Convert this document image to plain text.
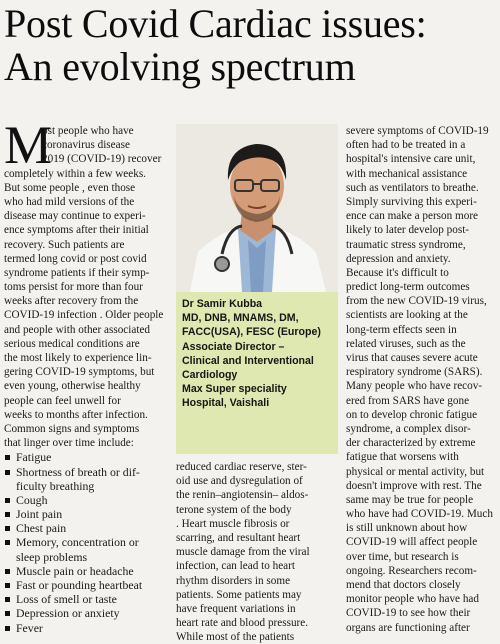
Post Covid Cardiac issues:
An evolving spectrum
M
ost people who have
coronavirus disease
2019 (COVID-19) recover
completely within a few weeks.
But some people , even those
who had mild versions of the
disease may continue to experi-
ence symptoms after their initial
recovery. Such patients are
termed long covid or post covid
syndrome patients if their symp-
toms persist for more than four
weeks after recovery from the
COVID-19 infection . Older people
and people with other associated
serious medical conditions are
the most likely to experience lin-
gering COVID-19 symptoms, but
even young, otherwise healthy
people can feel unwell for
weeks to months after infection.
Common signs and symptoms
that linger over time include:
Fatigue
Shortness of breath or dif-
ficulty breathing
Cough
Joint pain
Chest pain
Memory, concentration or
sleep problems
Muscle pain or headache
Fast or pounding heartbeat
Loss of smell or taste
Depression or anxiety
Fever
Dr Samir Kubba
MD, DNB, MNAMS, DM,
FACC(USA), FESC (Europe)
Associate Director –
Clinical and Interventional
Cardiology
Max Super speciality
Hospital, Vaishali
reduced cardiac reserve, ster-
oid use and dysregulation of
the renin–angiotensin– aldos-
terone system of the body
. Heart muscle fibrosis or
scarring, and resultant heart
muscle damage from the viral
infection, can lead to heart
rhythm disorders in some
patients. Some patients may
have frequent variations in
heart rate and blood pressure.
While most of the patients
severe symptoms of COVID-19
often had to be treated in a
hospital's intensive care unit,
with mechanical assistance
such as ventilators to breathe.
Simply surviving this experi-
ence can make a person more
likely to later develop post-
traumatic stress syndrome,
depression and anxiety.
Because it's difficult to
predict long-term outcomes
from the new COVID-19 virus,
scientists are looking at the
long-term effects seen in
related viruses, such as the
virus that causes severe acute
respiratory syndrome (SARS).
Many people who have recov-
ered from SARS have gone
on to develop chronic fatigue
syndrome, a complex disor-
der characterized by extreme
fatigue that worsens with
physical or mental activity, but
doesn't improve with rest. The
same may be true for people
who have had COVID-19. Much
is still unknown about how
COVID-19 will affect people
over time, but research is
ongoing. Researchers recom-
mend that doctors closely
monitor people who have had
COVID-19 to see how their
organs are functioning after
